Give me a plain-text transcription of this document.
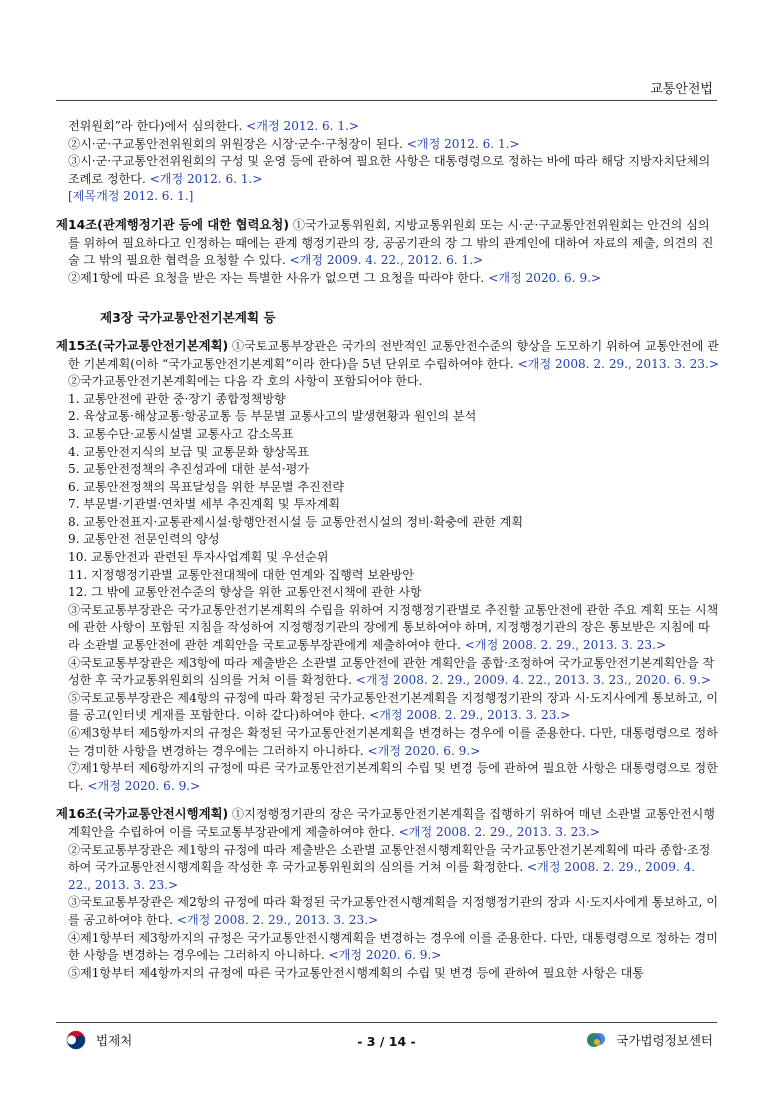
교통안전법

전위원회”라 한다)에서 심의한다. <개정 2012. 6. 1.>

②시·군·구교통안전위원회의 위원장은 시장·군수·구청장이 된다. <개정 2012. 6. 1.>

③시·군·구교통안전위원회의 구성 및 운영 등에 관하여 필요한 사항은 대통령령으로 정하는 바에 따라 해당 지방자치단체의 조례로 정한다. <개정 2012. 6. 1.>

[제목개정 2012. 6. 1.]

제14조(관계행정기관 등에 대한 협력요청) ①국가교통위원회, 지방교통위원회 또는 시·군·구교통안전위원회는 안건의 심의를 위하여 필요하다고 인정하는 때에는 관계 행정기관의 장, 공공기관의 장 그 밖의 관계인에 대하여 자료의 제출, 의견의 진술 그 밖의 필요한 협력을 요청할 수 있다. <개정 2009. 4. 22., 2012. 6. 1.>

②제1항에 따른 요청을 받은 자는 특별한 사유가 없으면 그 요청을 따라야 한다. <개정 2020. 6. 9.>

제3장 국가교통안전기본계획 등

제15조(국가교통안전기본계획) ①국토교통부장관은 국가의 전반적인 교통안전수준의 향상을 도모하기 위하여 교통안전에 관한 기본계획(이하 “국가교통안전기본계획”이라 한다)을 5년 단위로 수립하여야 한다. <개정 2008. 2. 29., 2013. 3. 23.>

②국가교통안전기본계획에는 다음 각 호의 사항이 포함되어야 한다.

1. 교통안전에 관한 중·장기 종합정책방향

2. 육상교통·해상교통·항공교통 등 부문별 교통사고의 발생현황과 원인의 분석

3. 교통수단·교통시설별 교통사고 감소목표

4. 교통안전지식의 보급 및 교통문화 향상목표

5. 교통안전정책의 추진성과에 대한 분석·평가

6. 교통안전정책의 목표달성을 위한 부문별 추진전략

7. 부문별·기관별·연차별 세부 추진계획 및 투자계획

8. 교통안전표지·교통관제시설·항행안전시설 등 교통안전시설의 정비·확충에 관한 계획

9. 교통안전 전문인력의 양성

10. 교통안전과 관련된 투자사업계획 및 우선순위

11. 지정행정기관별 교통안전대책에 대한 연계와 집행력 보완방안

12. 그 밖에 교통안전수준의 향상을 위한 교통안전시책에 관한 사항

③국토교통부장관은 국가교통안전기본계획의 수립을 위하여 지정행정기관별로 추진할 교통안전에 관한 주요 계획 또는 시책에 관한 사항이 포함된 지침을 작성하여 지정행정기관의 장에게 통보하여야 하며, 지정행정기관의 장은 통보받은 지침에 따라 소관별 교통안전에 관한 계획안을 국토교통부장관에게 제출하여야 한다. <개정 2008. 2. 29., 2013. 3. 23.>

④국토교통부장관은 제3항에 따라 제출받은 소관별 교통안전에 관한 계획안을 종합·조정하여 국가교통안전기본계획안을 작성한 후 국가교통위원회의 심의를 거쳐 이를 확정한다. <개정 2008. 2. 29., 2009. 4. 22., 2013. 3. 23., 2020. 6. 9.>

⑤국토교통부장관은 제4항의 규정에 따라 확정된 국가교통안전기본계획을 지정행정기관의 장과 시·도지사에게 통보하고, 이를 공고(인터넷 게재를 포함한다. 이하 같다)하여야 한다. <개정 2008. 2. 29., 2013. 3. 23.>

⑥제3항부터 제5항까지의 규정은 확정된 국가교통안전기본계획을 변경하는 경우에 이를 준용한다. 다만, 대통령령으로 정하는 경미한 사항을 변경하는 경우에는 그러하지 아니하다. <개정 2020. 6. 9.>

⑦제1항부터 제6항까지의 규정에 따른 국가교통안전기본계획의 수립 및 변경 등에 관하여 필요한 사항은 대통령령으로 정한다. <개정 2020. 6. 9.>

제16조(국가교통안전시행계획) ①지정행정기관의 장은 국가교통안전기본계획을 집행하기 위하여 매년 소관별 교통안전시행계획안을 수립하여 이를 국토교통부장관에게 제출하여야 한다. <개정 2008. 2. 29., 2013. 3. 23.>

②국토교통부장관은 제1항의 규정에 따라 제출받은 소관별 교통안전시행계획안을 국가교통안전기본계획에 따라 종합·조정하여 국가교통안전시행계획을 작성한 후 국가교통위원회의 심의를 거쳐 이를 확정한다. <개정 2008. 2. 29., 2009. 4. 22., 2013. 3. 23.>

③국토교통부장관은 제2항의 규정에 따라 확정된 국가교통안전시행계획을 지정행정기관의 장과 시·도지사에게 통보하고, 이를 공고하여야 한다. <개정 2008. 2. 29., 2013. 3. 23.>

④제1항부터 제3항까지의 규정은 국가교통안전시행계획을 변경하는 경우에 이를 준용한다. 다만, 대통령령으로 정하는 경미한 사항을 변경하는 경우에는 그러하지 아니하다. <개정 2020. 6. 9.>

⑤제1항부터 제4항까지의 규정에 따른 국가교통안전시행계획의 수립 및 변경 등에 관하여 필요한 사항은 대통

법제처	- 3 / 14 -	국가법령정보센터
